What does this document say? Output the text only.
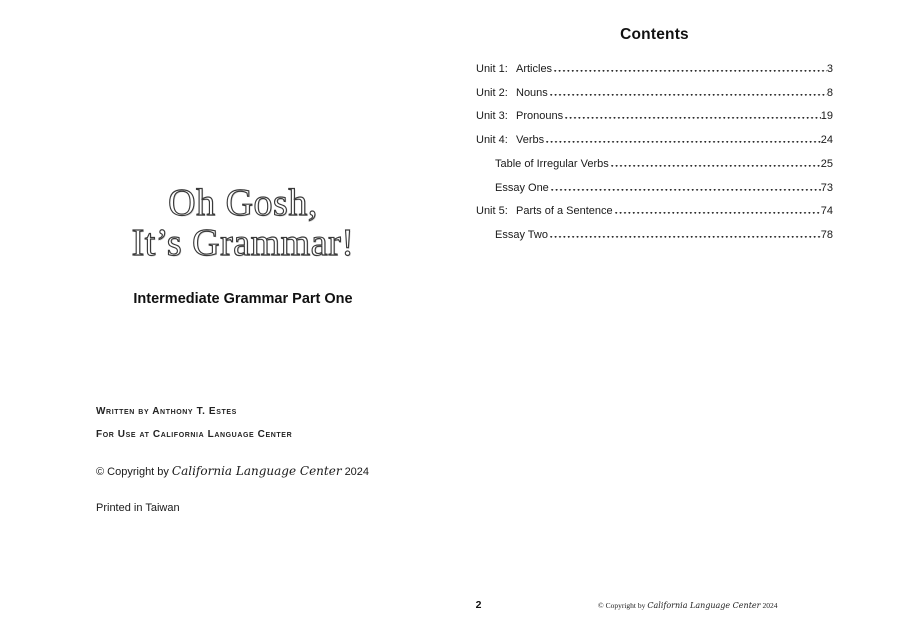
Oh Gosh,
It’s Grammar!
Intermediate Grammar Part One

Written by Anthony T. Estes

For Use at California Language Center

© Copyright by California Language Center 2024

Printed in Taiwan

Contents
Unit 1: Articles	3
Unit 2: Nouns	8
Unit 3: Pronouns	19
Unit 4: Verbs	24
Table of Irregular Verbs	25
Essay One	73
Unit 5: Parts of a Sentence	74
Essay Two	78
2	© Copyright by California Language Center 2024
